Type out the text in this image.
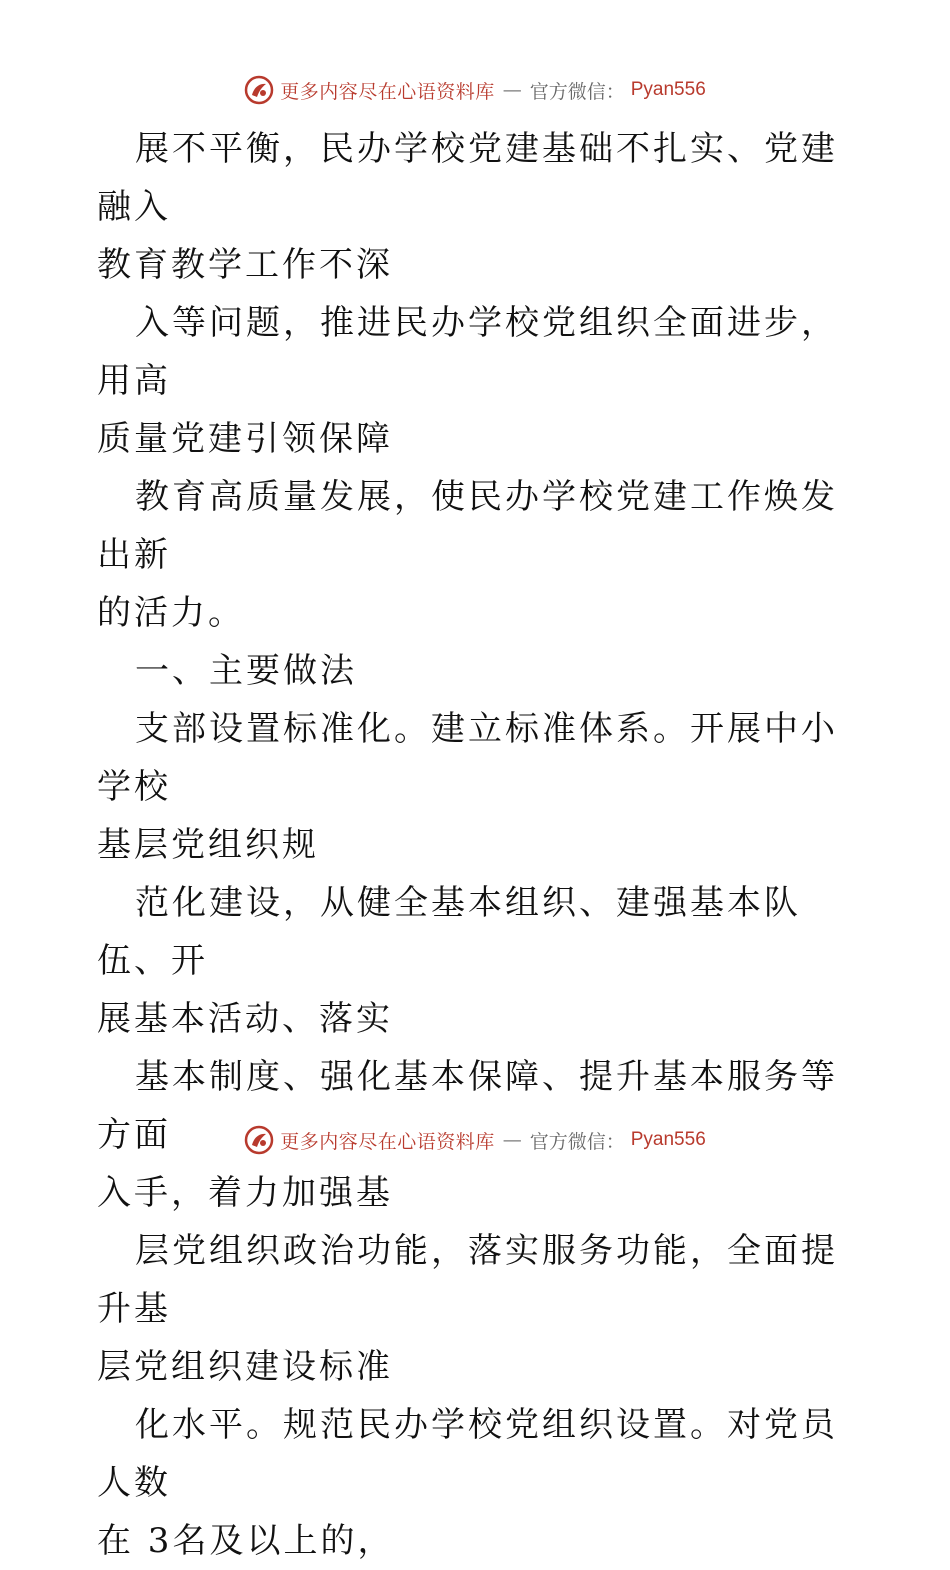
更多内容尽在心语资料库 — 官方微信： Pyan556

展不平衡，民办学校党建基础不扎实、党建融入
教育教学工作不深

入等问题，推进民办学校党组织全面进步，用高
质量党建引领保障

教育高质量发展，使民办学校党建工作焕发出新
的活力。

一、主要做法

支部设置标准化。建立标准体系。开展中小学校
基层党组织规

范化建设，从健全基本组织、建强基本队伍、开
展基本活动、落实

基本制度、强化基本保障、提升基本服务等方面
入手，着力加强基

层党组织政治功能，落实服务功能，全面提升基
层党组织建设标准

化水平。规范民办学校党组织设置。对党员人数
在 3名及以上的，

更多内容尽在心语资料库 — 官方微信： Pyan556
